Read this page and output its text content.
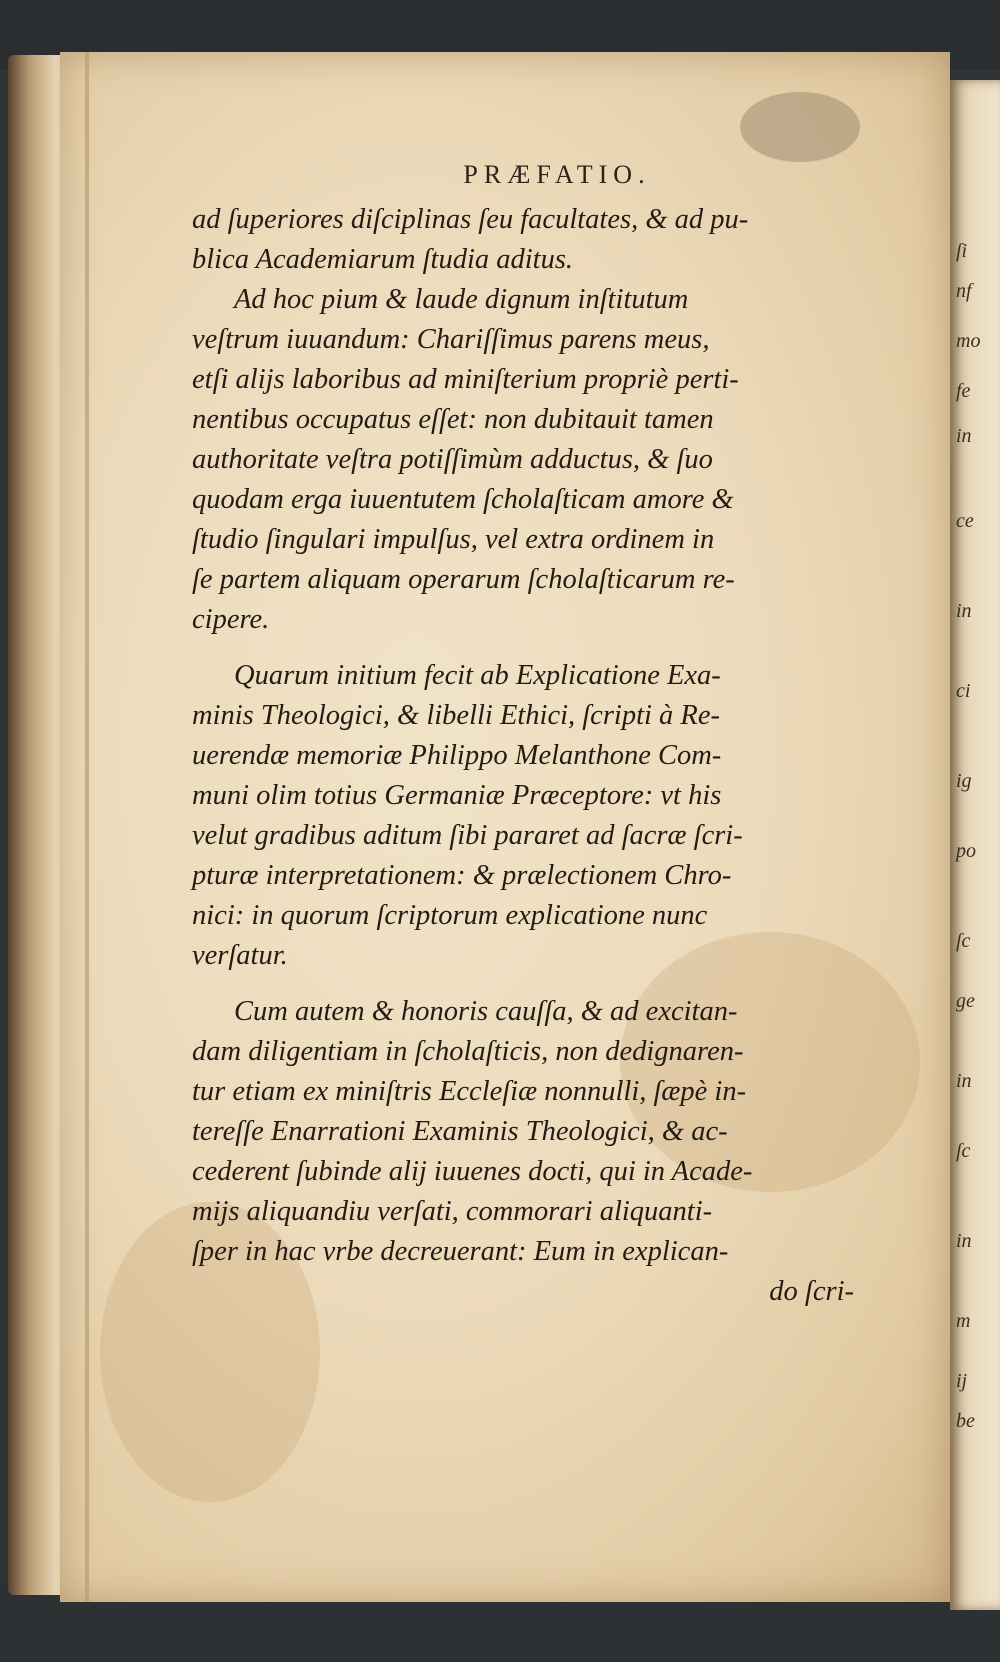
ſi
nf
mo
fe
in
ce
in
ci
ig
po
ſc
ge
in
ſc
in
m
ij
be
PRÆFATIO.
ad ſuperiores diſciplinas ſeu facultates, & ad pu-
blica Academiarum ſtudia aditus.
Ad hoc pium & laude dignum inſtitutum
veſtrum iuuandum: Chariſſimus parens meus,
etſi alijs laboribus ad miniſterium propriè perti-
nentibus occupatus eſſet: non dubitauit tamen
authoritate veſtra potiſſimùm adductus, & ſuo
quodam erga iuuentutem ſcholaſticam amore &
ſtudio ſingulari impulſus, vel extra ordinem in
ſe partem aliquam operarum ſcholaſticarum re-
cipere.
Quarum initium fecit ab Explicatione Exa-
minis Theologici, & libelli Ethici, ſcripti à Re-
uerendæ memoriæ Philippo Melanthone Com-
muni olim totius Germaniæ Præceptore: vt his
velut gradibus aditum ſibi pararet ad ſacræ ſcri-
pturæ interpretationem: & prælectionem Chro-
nici: in quorum ſcriptorum explicatione nunc
verſatur.
Cum autem & honoris cauſſa, & ad excitan-
dam diligentiam in ſcholaſticis, non dedignaren-
tur etiam ex miniſtris Eccleſiæ nonnulli, ſæpè in-
tereſſe Enarrationi Examinis Theologici, & ac-
cederent ſubinde alij iuuenes docti, qui in Acade-
mijs aliquandiu verſati, commorari aliquanti-
ſper in hac vrbe decreuerant: Eum in explican-
do ſcri-
